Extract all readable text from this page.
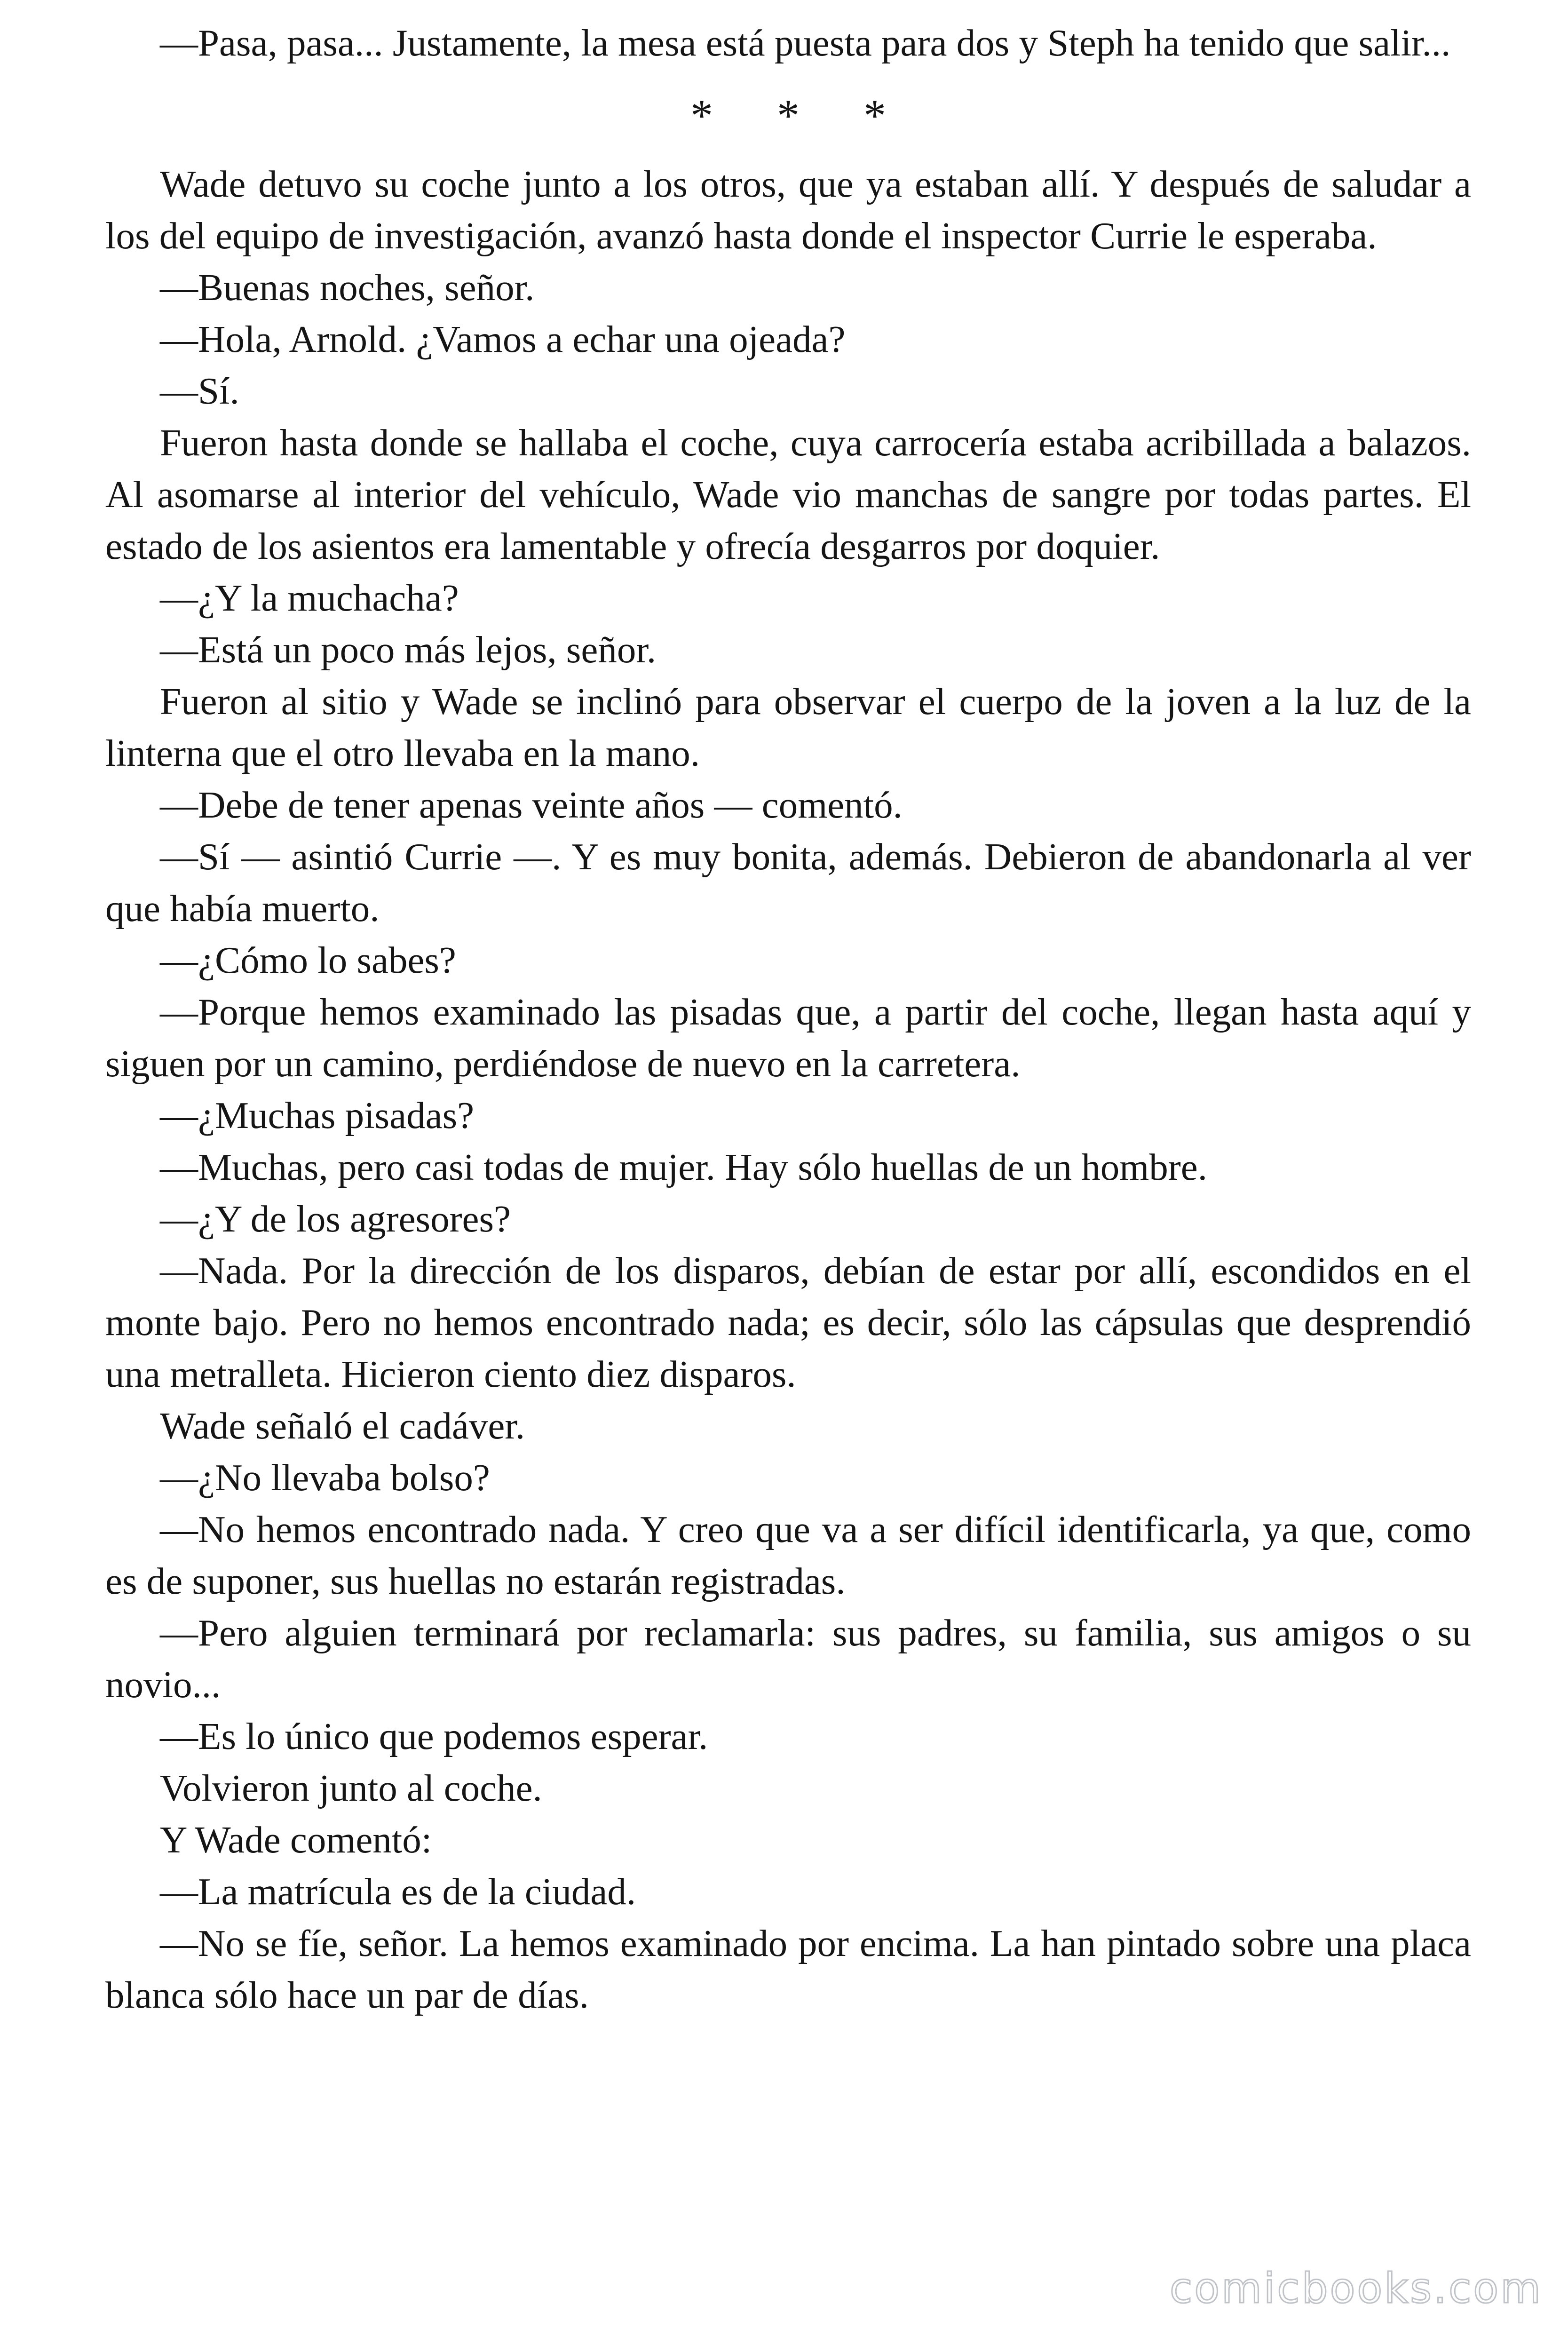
—Pasa, pasa... Justamente, la mesa está puesta para dos y Steph ha tenido que salir...

* * *

Wade detuvo su coche junto a los otros, que ya estaban allí. Y después de saludar a los del equipo de investigación, avanzó hasta donde el inspector Currie le esperaba.

—Buenas noches, señor.

—Hola, Arnold. ¿Vamos a echar una ojeada?

—Sí.

Fueron hasta donde se hallaba el coche, cuya carrocería estaba acribillada a balazos. Al asomarse al interior del vehículo, Wade vio manchas de sangre por todas partes. El estado de los asientos era lamentable y ofrecía desgarros por doquier.

—¿Y la muchacha?

—Está un poco más lejos, señor.

Fueron al sitio y Wade se inclinó para observar el cuerpo de la joven a la luz de la linterna que el otro llevaba en la mano.

—Debe de tener apenas veinte años — comentó.

—Sí — asintió Currie —. Y es muy bonita, además. Debieron de abandonarla al ver que había muerto.

—¿Cómo lo sabes?

—Porque hemos examinado las pisadas que, a partir del coche, llegan hasta aquí y siguen por un camino, perdiéndose de nuevo en la carretera.

—¿Muchas pisadas?

—Muchas, pero casi todas de mujer. Hay sólo huellas de un hombre.

—¿Y de los agresores?

—Nada. Por la dirección de los disparos, debían de estar por allí, escondidos en el monte bajo. Pero no hemos encontrado nada; es decir, sólo las cápsulas que desprendió una metralleta. Hicieron ciento diez disparos.

Wade señaló el cadáver.

—¿No llevaba bolso?

—No hemos encontrado nada. Y creo que va a ser difícil identificarla, ya que, como es de suponer, sus huellas no estarán registradas.

—Pero alguien terminará por reclamarla: sus padres, su familia, sus amigos o su novio...

—Es lo único que podemos esperar.

Volvieron junto al coche.

Y Wade comentó:

—La matrícula es de la ciudad.

—No se fíe, señor. La hemos examinado por encima. La han pintado sobre una placa blanca sólo hace un par de días.

comicbooks.com
